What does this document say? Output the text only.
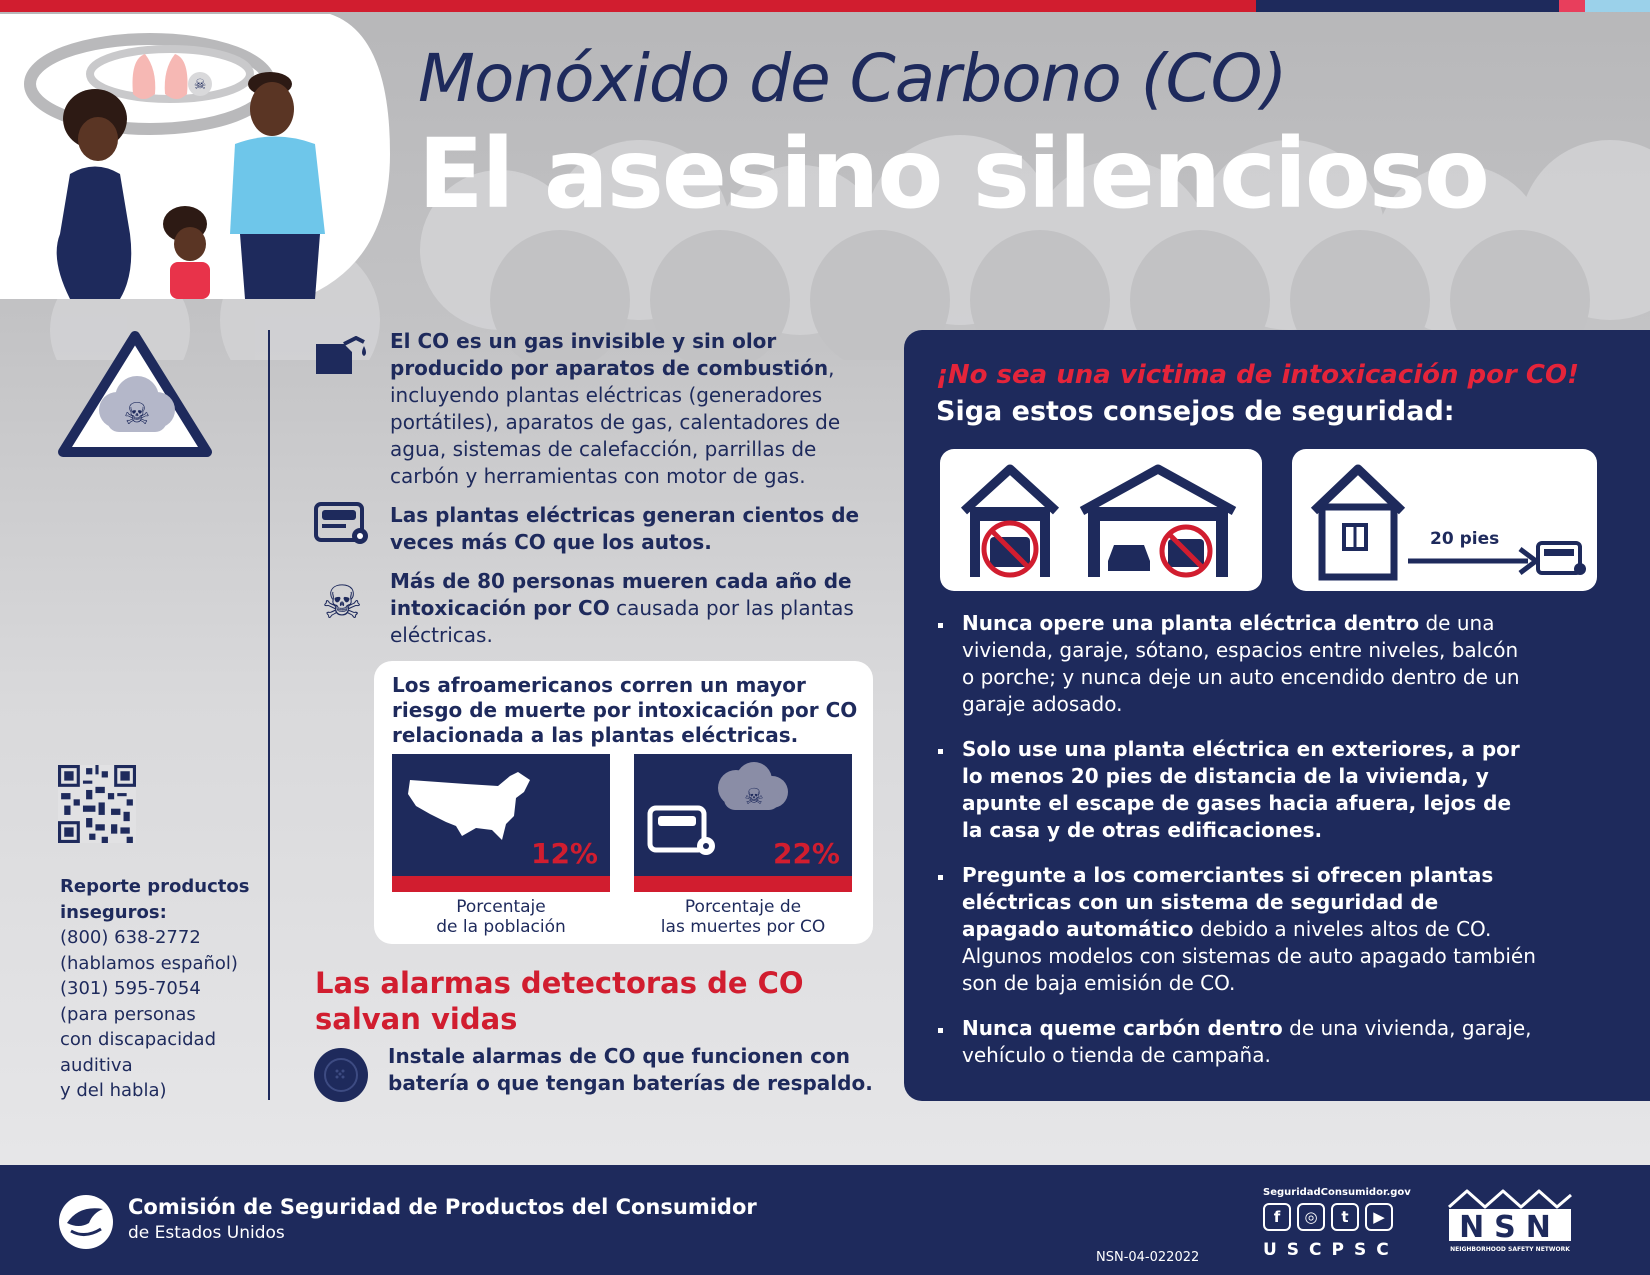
☠	Monóxido de Carbono (CO)
El asesino silencioso
☠
Reporte productos
inseguros:
(800) 638-2772
(hablamos español)
(301) 595-7054
(para personas
con discapacidad
auditiva
y del habla)
☠
El CO es un gas invisible y sin olor producido por aparatos de combustión, incluyendo plantas eléctricas (generadores portátiles), aparatos de gas, calentadores de agua, sistemas de calefacción, parrillas de carbón y herramientas con motor de gas.
Las plantas eléctricas generan cientos de veces más CO que los autos.
Más de 80 personas mueren cada año de intoxicación por CO causada por las plantas eléctricas.
Los afroamericanos corren un mayor riesgo de muerte por intoxicación por CO relacionada a las plantas eléctricas.
12%
☠
22%
Porcentaje
de la población
Porcentaje de
las muertes por CO
Las alarmas detectoras de CO
salvan vidas
Instale alarmas de CO que funcionen con batería o que tengan baterías de respaldo.
¡No sea una victima de intoxicación por CO!
Siga estos consejos de seguridad:
20 pies
Nunca opere una planta eléctrica dentro de una vivienda, garaje, sótano, espacios entre niveles, balcón o porche; y nunca deje un auto encendido dentro de un garaje adosado.
Solo use una planta eléctrica en exteriores, a por lo menos 20 pies de distancia de la vivienda, y apunte el escape de gases hacia afuera, lejos de la casa y de otras edificaciones.
Pregunte a los comerciantes si ofrecen plantas eléctricas con un sistema de seguridad de apagado automático debido a niveles altos de CO. Algunos modelos con sistemas de auto apagado también son de baja emisión de CO.
Nunca queme carbón dentro de una vivienda, garaje, vehículo o tienda de campaña.
Comisión de Seguridad de Productos del Consumidor
de Estados Unidos
NSN-04-022022
SeguridadConsumidor.gov
f	◎	t	▶
USCPSC
NSN
NEIGHBORHOOD SAFETY NETWORK
